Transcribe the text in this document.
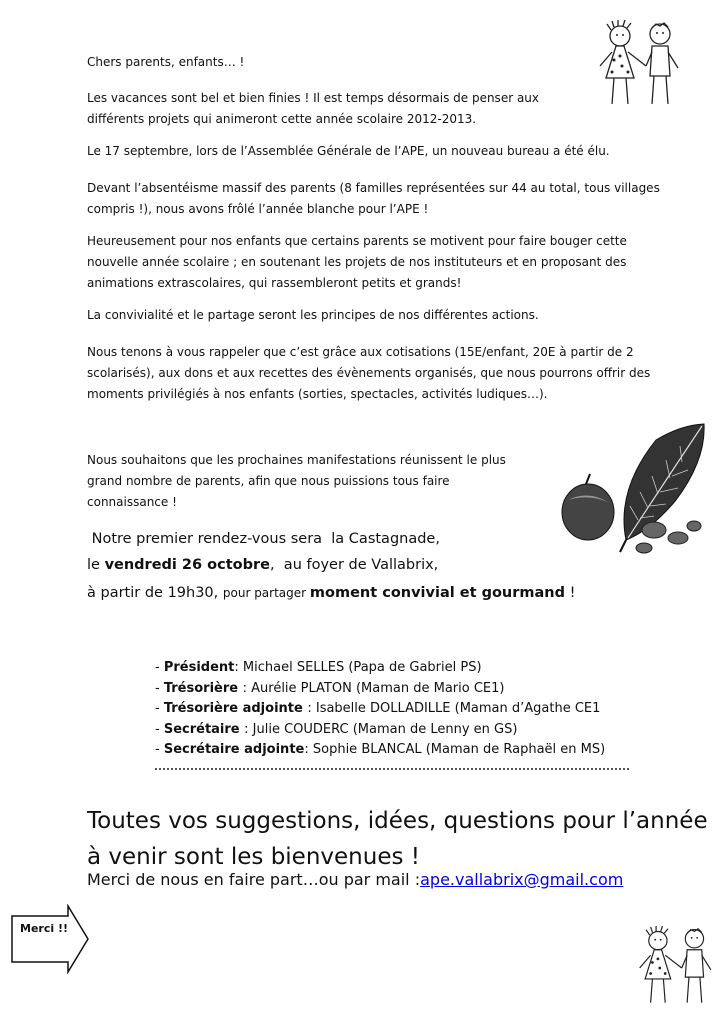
Chers parents, enfants… !

Les vacances sont bel et bien finies ! Il est temps désormais de penser aux
différents projets qui animeront cette année scolaire 2012-2013.

Le 17 septembre, lors de l’Assemblée Générale de l’APE, un nouveau bureau a été élu.

Devant l’absentéisme massif des parents (8 familles représentées sur 44 au total, tous villages
compris !), nous avons frôlé l’année blanche pour l’APE !

Heureusement pour nos enfants que certains parents se motivent pour faire bouger cette
nouvelle année scolaire ; en soutenant les projets de nos instituteurs et en proposant des
animations extrascolaires, qui rassembleront petits et grands!

La convivialité et le partage seront les principes de nos différentes actions.

Nous tenons à vous rappeler que c’est grâce aux cotisations (15E/enfant, 20E à partir de 2
scolarisés), aux dons et aux recettes des évènements organisés, que nous pourrons offrir des
moments privilégiés à nos enfants (sorties, spectacles, activités ludiques…).

Nous souhaitons que les prochaines manifestations réunissent le plus
grand nombre de parents, afin que nous puissions tous faire
connaissance !

Notre premier rendez-vous sera  la Castagnade,

le vendredi 26 octobre,  au foyer de Vallabrix,

à partir de 19h30, pour partager moment convivial et gourmand !

- Président: Michael SELLES (Papa de Gabriel PS)
- Trésorière : Aurélie PLATON (Maman de Mario CE1)
- Trésorière adjointe : Isabelle DOLLADILLE (Maman d’Agathe CE1
- Secrétaire : Julie COUDERC (Maman de Lenny en GS)
- Secrétaire adjointe: Sophie BLANCAL (Maman de Raphaël en MS)
Toutes vos suggestions, idées, questions pour l’année
à venir sont les bienvenues !
Merci de nous en faire part…ou par mail :ape.vallabrix@gmail.com
Merci !!
